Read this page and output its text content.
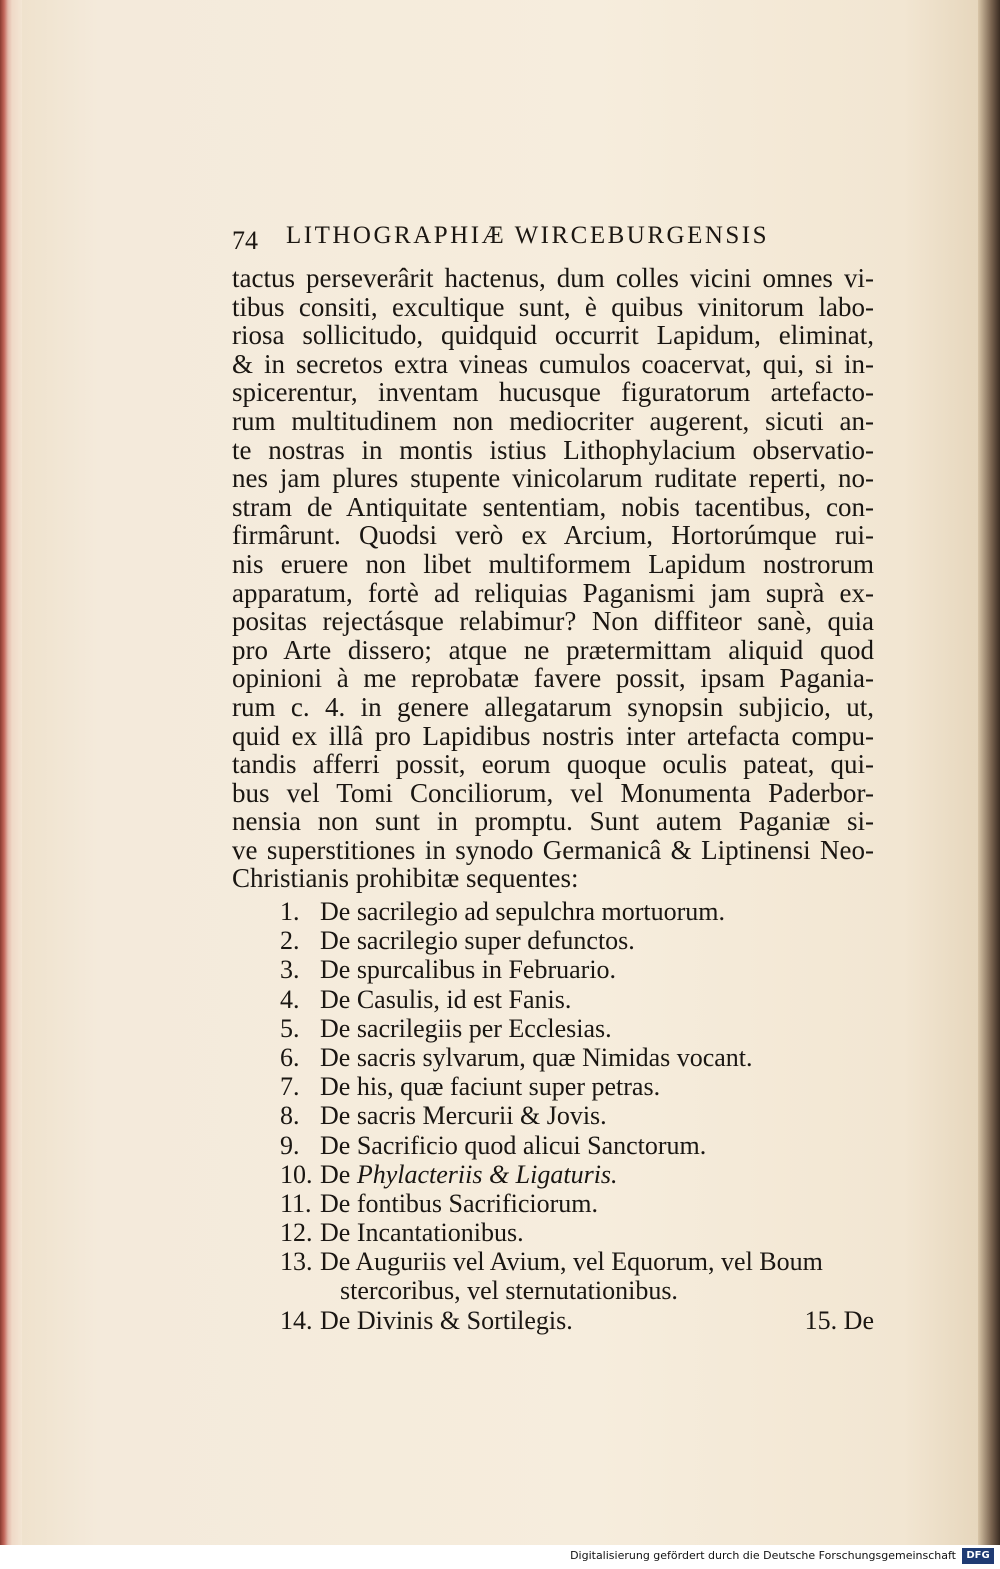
74 LITHOGRAPHIÆ WIRCEBURGENSIS
tactus perseverârit hactenus, dum colles vicini omnes vi-
tibus consiti, excultique sunt, è quibus vinitorum labo-
riosa sollicitudo, quidquid occurrit Lapidum, eliminat,
& in secretos extra vineas cumulos coacervat, qui, si in-
spicerentur, inventam hucusque figuratorum artefacto-
rum multitudinem non mediocriter augerent, sicuti an-
te nostras in montis istius Lithophylacium observatio-
nes jam plures stupente vinicolarum ruditate reperti, no-
stram de Antiquitate sententiam, nobis tacentibus, con-
firmârunt. Quodsi verò ex Arcium, Hortorúmque rui-
nis eruere non libet multiformem Lapidum nostrorum
apparatum, fortè ad reliquias Paganismi jam suprà ex-
positas rejectásque relabimur? Non diffiteor sanè, quia
pro Arte dissero; atque ne prætermittam aliquid quod
opinioni à me reprobatæ favere possit, ipsam Pagania-
rum c. 4. in genere allegatarum synopsin subjicio, ut,
quid ex illâ pro Lapidibus nostris inter artefacta compu-
tandis afferri possit, eorum quoque oculis pateat, qui-
bus vel Tomi Conciliorum, vel Monumenta Paderbor-
nensia non sunt in promptu. Sunt autem Paganiæ si-
ve superstitiones in synodo Germanicâ & Liptinensi Neo-
Christianis prohibitæ sequentes:
1. De sacrilegio ad sepulchra mortuorum.
2. De sacrilegio super defunctos.
3. De spurcalibus in Februario.
4. De Casulis, id est Fanis.
5. De sacrilegiis per Ecclesias.
6. De sacris sylvarum, quæ Nimidas vocant.
7. De his, quæ faciunt super petras.
8. De sacris Mercurii & Jovis.
9. De Sacrificio quod alicui Sanctorum.
10. De Phylacteriis & Ligaturis.
11. De fontibus Sacrificiorum.
12. De Incantationibus.
13. De Auguriis vel Avium, vel Equorum, vel Boum
stercoribus, vel sternutationibus.
14. De Divinis & Sortilegis.	15. De
Digitalisierung gefördert durch die Deutsche Forschungsgemeinschaft	DFG
